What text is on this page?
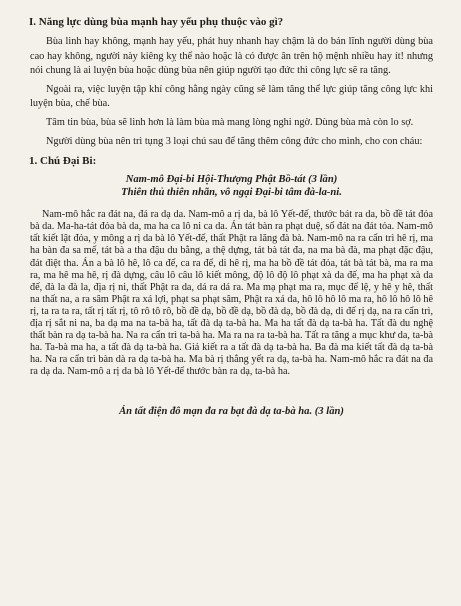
I. Năng lực dùng bùa mạnh hay yếu phụ thuộc vào gì?

Bùa linh hay không, mạnh hay yếu, phát huy nhanh hay chậm là do bản lĩnh người dùng bùa cao hay không, người này kiêng kỵ thế nào hoặc là có được ân trên hộ mệnh nhiều hay ít! nhưng nói chung là ai luyện bùa hoặc dùng bùa nên giúp người tạo đức thì công lực sẽ ra tăng.

Ngoài ra, việc luyện tập khí công hằng ngày cũng sẽ làm tăng thể lực giúp tăng công lực khi luyện bùa, chế bùa.

Tâm tin bùa, bùa sẽ linh hơn là làm bùa mà mang lòng nghi ngờ. Dùng bùa mà còn lo sợ.

Người dùng bùa nên trì tụng 3 loại chú sau để tăng thêm công đức cho mình, cho con cháu:

1. Chú Đại Bi:

Nam-mô Đại-bi Hội-Thượng Phật Bồ-tát (3 lần)

Thiên thủ thiên nhãn, vô ngại Đại-bi tâm đà-la-ni.

Nam-mô hắc ra đát na, đá ra dạ da. Nam-mô a rị da, bà lô Yết-đế, thước bát ra da, bồ đề tát đỏa bà da. Ma-ha-tát đỏa bà da, ma ha ca lô ni ca da. Án tát bàn ra phạt duệ, số đát na đát tỏa. Nam-mô tất kiết lật đỏa, y mông a rị da bà lô Yết-đế, thất Phật ra lăng đà bà. Nam-mô na ra cẩn trì hê rị, ma ha bàn đa sa mế, tát bà a tha đậu du bằng, a thệ dựng, tát bà tát đa, na ma bà đà, ma phạt đặc đậu, đát điệt tha. Án a bà lô hê, lô ca đế, ca ra đế, di hê rị, ma ha bồ đề tát đỏa, tát bà tát bà, ma ra ma ra, ma hê ma hê, rị đà dựng, câu lô câu lô kiết mông, độ lô độ lô phạt xà da đế, ma ha phạt xà da đế, đà la đà la, địa rị ni, thất Phật ra da, dá ra dá ra. Ma mạ phạt ma ra, mục đế lệ, y hê y hê, thất na thất na, a ra sâm Phật ra xá lợi, phạt sa phạt sâm, Phật ra xá da, hô lô hô lô ma ra, hô lô hô lô hê rị, ta ra ta ra, tất rị tất rị, tô rô tô rô, bồ đề dạ, bồ đề dạ, bồ đà dạ, bồ đà dạ, di đế rị dạ, na ra cẩn trì, địa rị sắt ni na, ba dạ ma na ta-bà ha, tất đà dạ ta-bà ha. Ma ha tất đà dạ ta-bà ha. Tất đà du nghệ thất bàn ra dạ ta-bà ha. Na ra cẩn trì ta-bà ha. Ma ra na ra ta-bà ha. Tất ra tăng a mục khư da, ta-bà ha. Ta-bà ma ha, a tất đà dạ ta-bà ha. Giả kiết ra a tất đà dạ ta-bà ha. Ba đà ma kiết tất đà dạ ta-bà ha. Na ra cẩn trì bàn dà ra dạ ta-bà ha. Ma bà rị thắng yết ra dạ, ta-bà ha. Nam-mô hắc ra đát na đa ra dạ da. Nam-mô a rị da bà lô Yết-đế thước bàn ra dạ, ta-bà ha.

Án tất điện đô mạn đa ra bạt đà dạ ta-bà ha. (3 lần)
